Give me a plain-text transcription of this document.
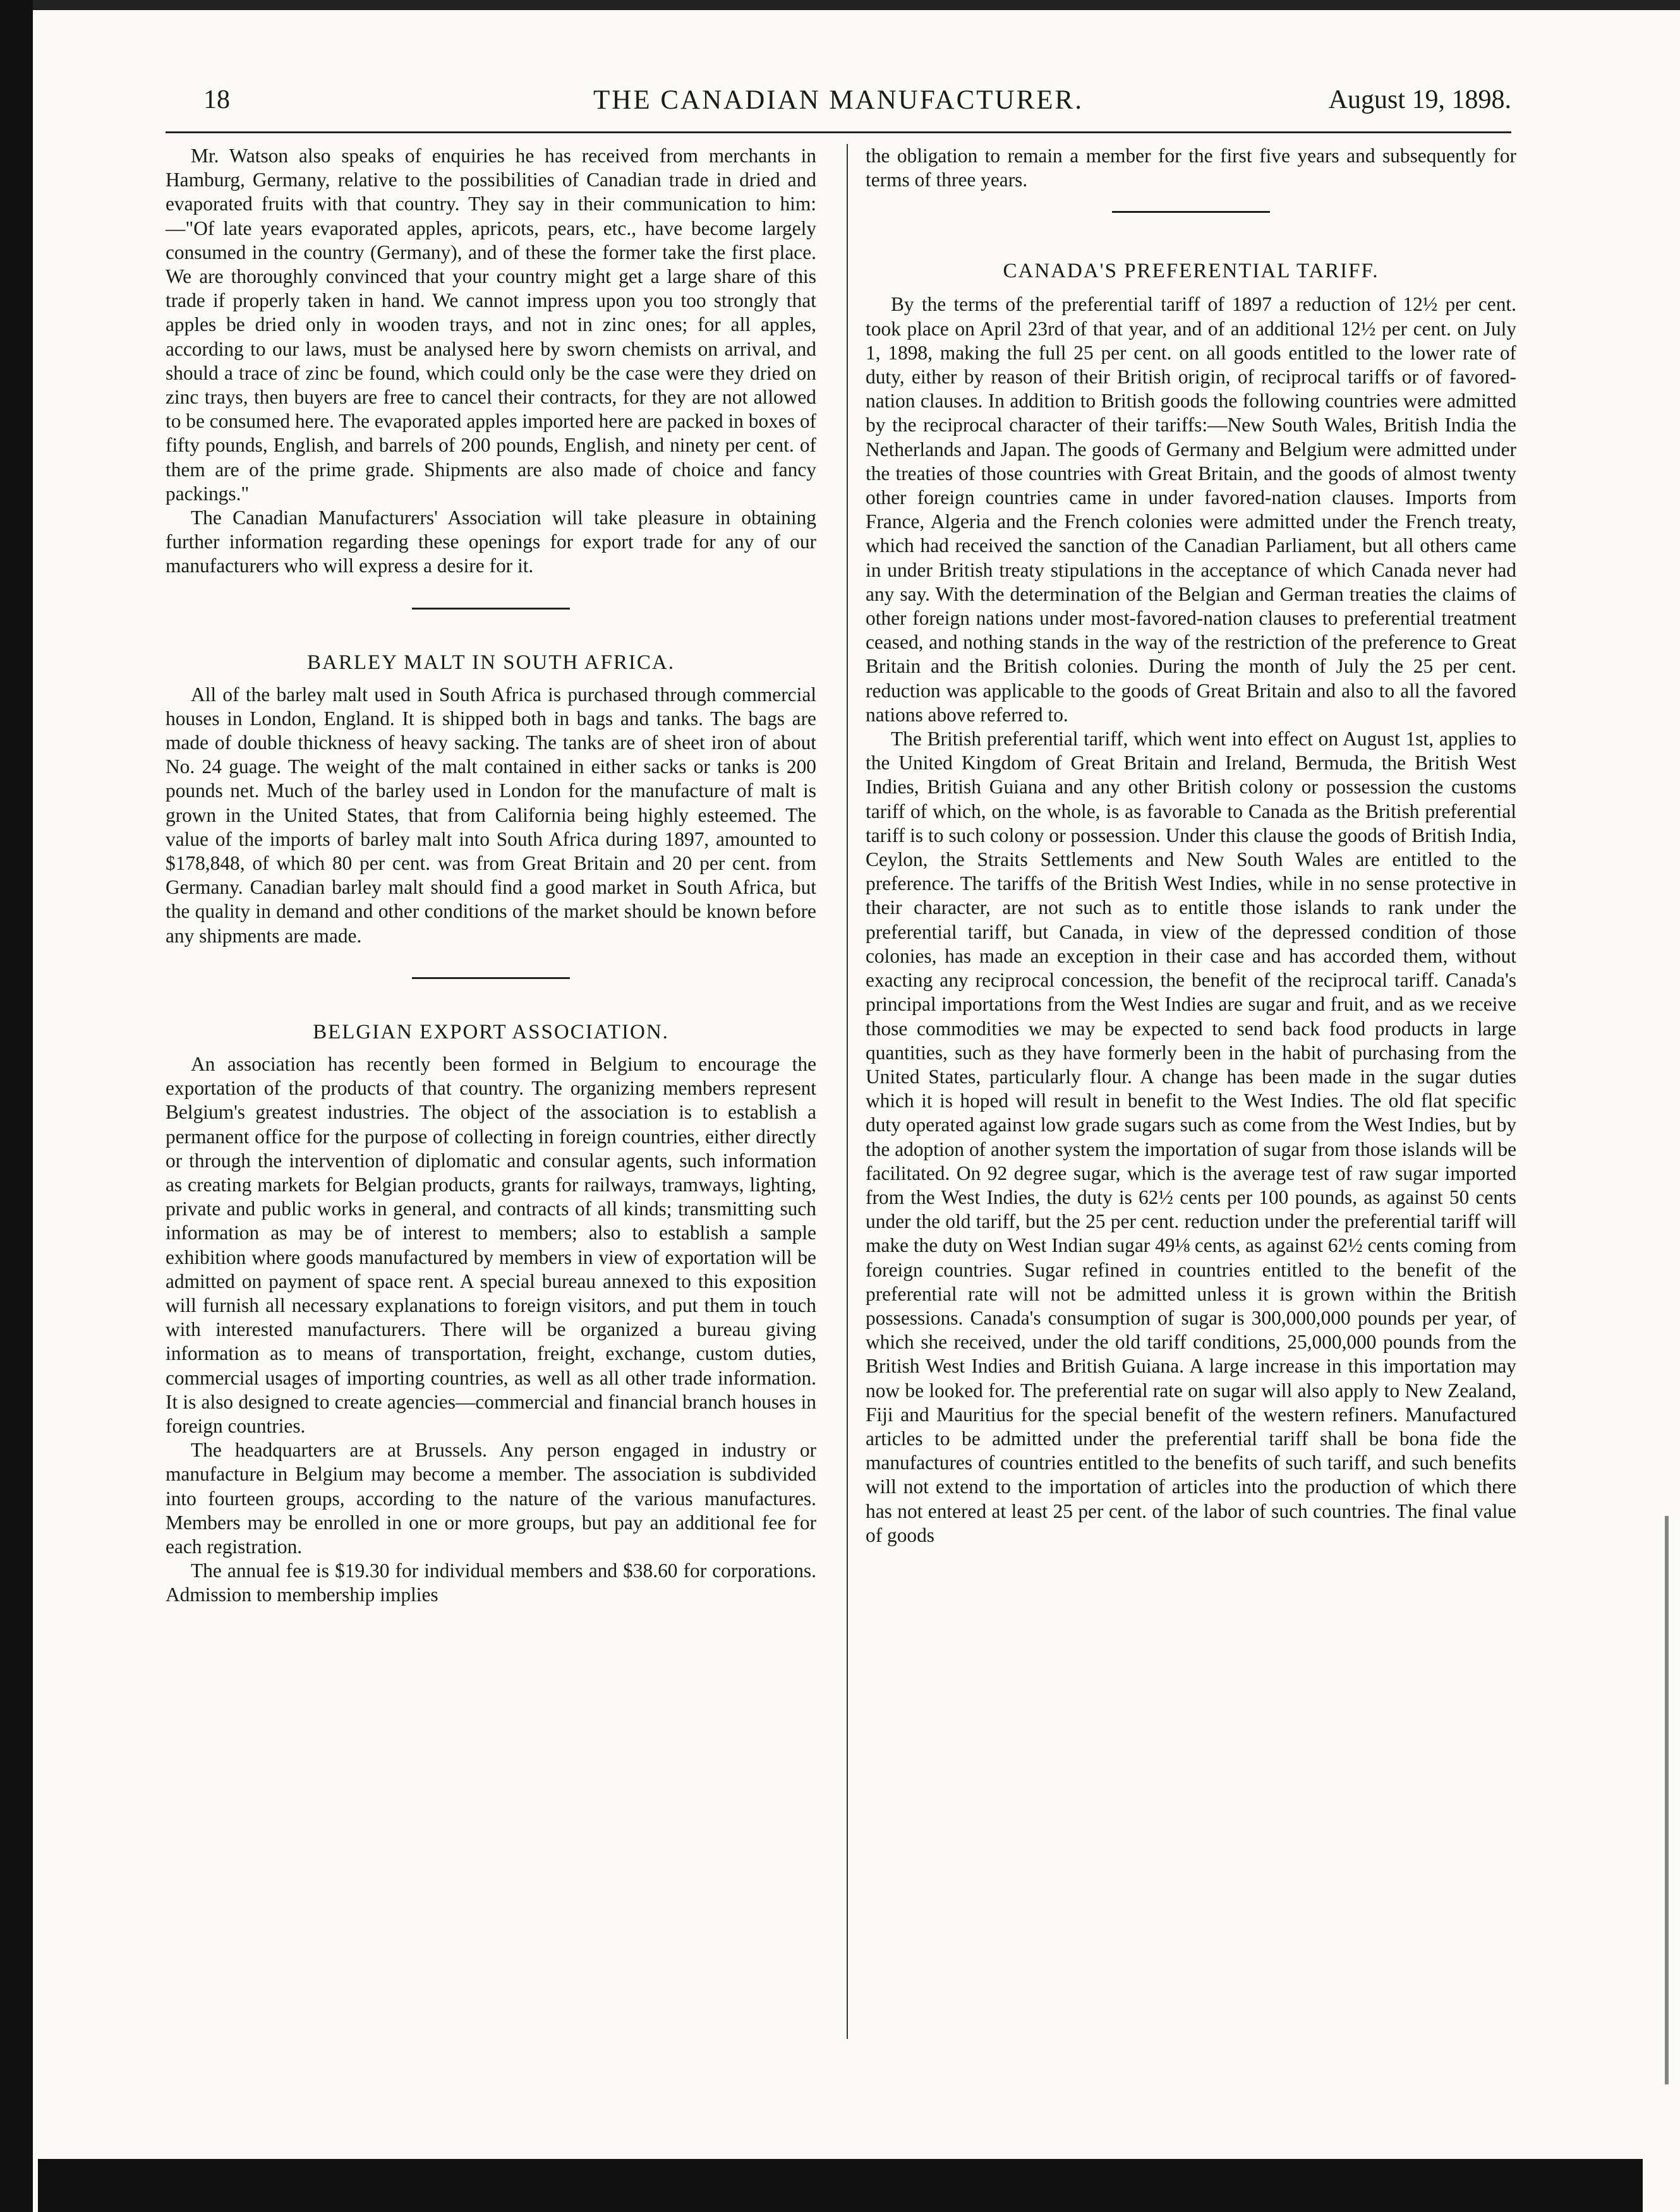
18	THE CANADIAN MANUFACTURER.	August 19, 1898.

Mr. Watson also speaks of enquiries he has received from merchants in Hamburg, Germany, relative to the possibilities of Canadian trade in dried and evaporated fruits with that country. They say in their communication to him:—"Of late years evaporated apples, apricots, pears, etc., have become largely consumed in the country (Germany), and of these the former take the first place. We are thoroughly convinced that your country might get a large share of this trade if properly taken in hand. We cannot impress upon you too strongly that apples be dried only in wooden trays, and not in zinc ones; for all apples, according to our laws, must be analysed here by sworn chemists on arrival, and should a trace of zinc be found, which could only be the case were they dried on zinc trays, then buyers are free to cancel their contracts, for they are not allowed to be consumed here. The evaporated apples imported here are packed in boxes of fifty pounds, English, and barrels of 200 pounds, English, and ninety per cent. of them are of the prime grade. Shipments are also made of choice and fancy packings."

The Canadian Manufacturers' Association will take pleasure in obtaining further information regarding these openings for export trade for any of our manufacturers who will express a desire for it.

BARLEY MALT IN SOUTH AFRICA.

All of the barley malt used in South Africa is purchased through commercial houses in London, England. It is shipped both in bags and tanks. The bags are made of double thickness of heavy sacking. The tanks are of sheet iron of about No. 24 guage. The weight of the malt contained in either sacks or tanks is 200 pounds net. Much of the barley used in London for the manufacture of malt is grown in the United States, that from California being highly esteemed. The value of the imports of barley malt into South Africa during 1897, amounted to $178,848, of which 80 per cent. was from Great Britain and 20 per cent. from Germany. Canadian barley malt should find a good market in South Africa, but the quality in demand and other conditions of the market should be known before any shipments are made.

BELGIAN EXPORT ASSOCIATION.

An association has recently been formed in Belgium to encourage the exportation of the products of that country. The organizing members represent Belgium's greatest industries. The object of the association is to establish a permanent office for the purpose of collecting in foreign countries, either directly or through the intervention of diplomatic and consular agents, such information as creating markets for Belgian products, grants for railways, tramways, lighting, private and public works in general, and contracts of all kinds; transmitting such information as may be of interest to members; also to establish a sample exhibition where goods manufactured by members in view of exportation will be admitted on payment of space rent. A special bureau annexed to this exposition will furnish all necessary explanations to foreign visitors, and put them in touch with interested manufacturers. There will be organized a bureau giving information as to means of transportation, freight, exchange, custom duties, commercial usages of importing countries, as well as all other trade information. It is also designed to create agencies—commercial and financial branch houses in foreign countries.

The headquarters are at Brussels. Any person engaged in industry or manufacture in Belgium may become a member. The association is subdivided into fourteen groups, according to the nature of the various manufactures. Members may be enrolled in one or more groups, but pay an additional fee for each registration.

The annual fee is $19.30 for individual members and $38.60 for corporations. Admission to membership implies

the obligation to remain a member for the first five years and subsequently for terms of three years.

CANADA'S PREFERENTIAL TARIFF.

By the terms of the preferential tariff of 1897 a reduction of 12½ per cent. took place on April 23rd of that year, and of an additional 12½ per cent. on July 1, 1898, making the full 25 per cent. on all goods entitled to the lower rate of duty, either by reason of their British origin, of reciprocal tariffs or of favored-nation clauses. In addition to British goods the following countries were admitted by the reciprocal character of their tariffs:—New South Wales, British India the Netherlands and Japan. The goods of Germany and Belgium were admitted under the treaties of those countries with Great Britain, and the goods of almost twenty other foreign countries came in under favored-nation clauses. Imports from France, Algeria and the French colonies were admitted under the French treaty, which had received the sanction of the Canadian Parliament, but all others came in under British treaty stipulations in the acceptance of which Canada never had any say. With the determination of the Belgian and German treaties the claims of other foreign nations under most-favored-nation clauses to preferential treatment ceased, and nothing stands in the way of the restriction of the preference to Great Britain and the British colonies. During the month of July the 25 per cent. reduction was applicable to the goods of Great Britain and also to all the favored nations above referred to.

The British preferential tariff, which went into effect on August 1st, applies to the United Kingdom of Great Britain and Ireland, Bermuda, the British West Indies, British Guiana and any other British colony or possession the customs tariff of which, on the whole, is as favorable to Canada as the British preferential tariff is to such colony or possession. Under this clause the goods of British India, Ceylon, the Straits Settlements and New South Wales are entitled to the preference. The tariffs of the British West Indies, while in no sense protective in their character, are not such as to entitle those islands to rank under the preferential tariff, but Canada, in view of the depressed condition of those colonies, has made an exception in their case and has accorded them, without exacting any reciprocal concession, the benefit of the reciprocal tariff. Canada's principal importations from the West Indies are sugar and fruit, and as we receive those commodities we may be expected to send back food products in large quantities, such as they have formerly been in the habit of purchasing from the United States, particularly flour. A change has been made in the sugar duties which it is hoped will result in benefit to the West Indies. The old flat specific duty operated against low grade sugars such as come from the West Indies, but by the adoption of another system the importation of sugar from those islands will be facilitated. On 92 degree sugar, which is the average test of raw sugar imported from the West Indies, the duty is 62½ cents per 100 pounds, as against 50 cents under the old tariff, but the 25 per cent. reduction under the preferential tariff will make the duty on West Indian sugar 49⅛ cents, as against 62½ cents coming from foreign countries. Sugar refined in countries entitled to the benefit of the preferential rate will not be admitted unless it is grown within the British possessions. Canada's consumption of sugar is 300,000,000 pounds per year, of which she received, under the old tariff conditions, 25,000,000 pounds from the British West Indies and British Guiana. A large increase in this importation may now be looked for. The preferential rate on sugar will also apply to New Zealand, Fiji and Mauritius for the special benefit of the western refiners. Manufactured articles to be admitted under the preferential tariff shall be bona fide the manufactures of countries entitled to the benefits of such tariff, and such benefits will not extend to the importation of articles into the production of which there has not entered at least 25 per cent. of the labor of such countries. The final value of goods
